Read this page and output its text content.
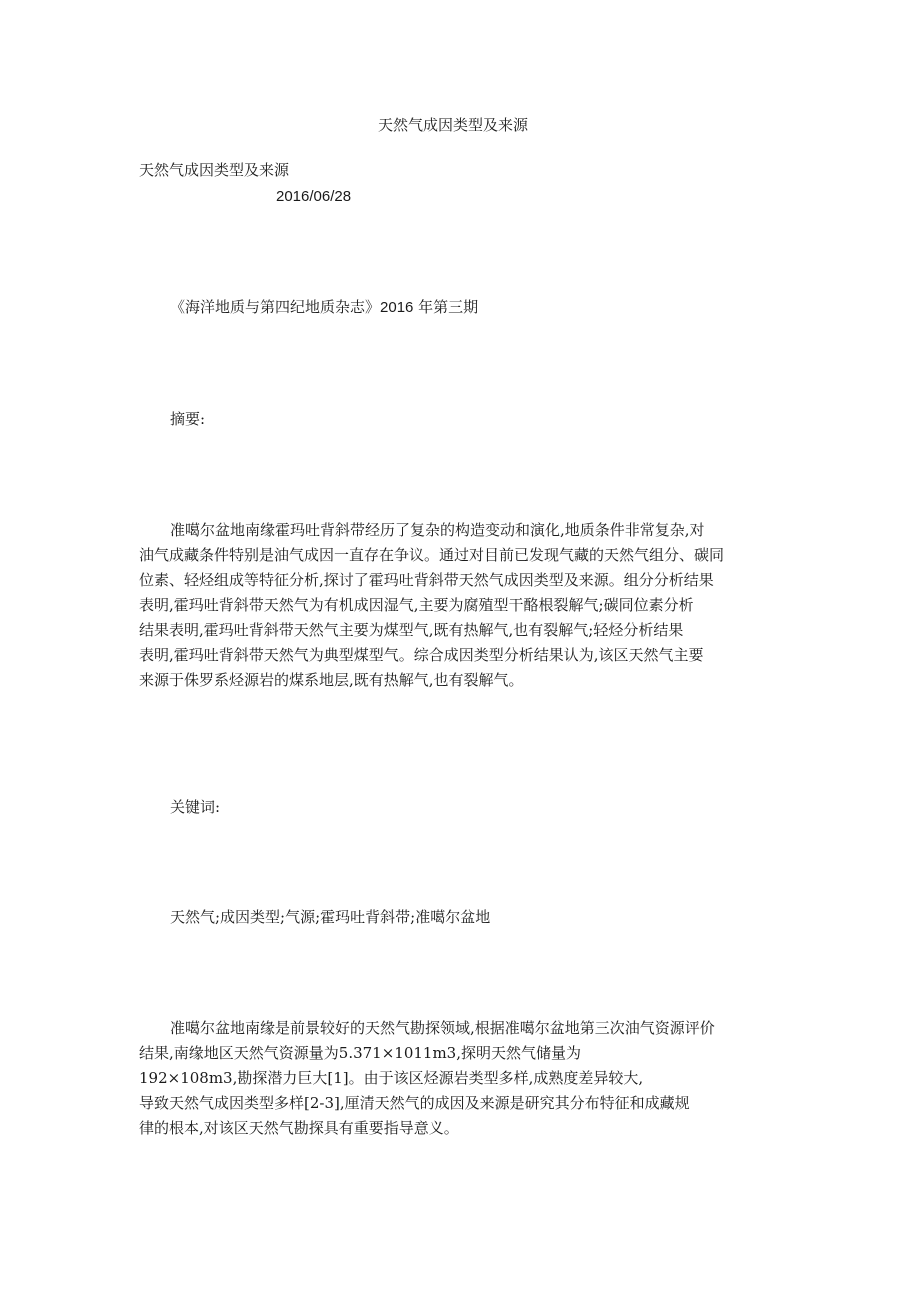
天然气成因类型及来源

天然气成因类型及来源

2016/06/28

《海洋地质与第四纪地质杂志》2016 年第三期

摘要:

准噶尔盆地南缘霍玛吐背斜带经历了复杂的构造变动和演化,地质条件非常复杂,对
油气成藏条件特别是油气成因一直存在争议。通过对目前已发现气藏的天然气组分、碳同
位素、轻烃组成等特征分析,探讨了霍玛吐背斜带天然气成因类型及来源。组分分析结果
表明,霍玛吐背斜带天然气为有机成因湿气,主要为腐殖型干酪根裂解气;碳同位素分析
结果表明,霍玛吐背斜带天然气主要为煤型气,既有热解气,也有裂解气;轻烃分析结果
表明,霍玛吐背斜带天然气为典型煤型气。综合成因类型分析结果认为,该区天然气主要
来源于侏罗系烃源岩的煤系地层,既有热解气,也有裂解气。

关键词:

天然气;成因类型;气源;霍玛吐背斜带;准噶尔盆地

准噶尔盆地南缘是前景较好的天然气勘探领域,根据准噶尔盆地第三次油气资源评价
结果,南缘地区天然气资源量为5.371×1011m3,探明天然气储量为
192×108m3,勘探潜力巨大[1]。由于该区烃源岩类型多样,成熟度差异较大,
导致天然气成因类型多样[2-3],厘清天然气的成因及来源是研究其分布特征和成藏规
律的根本,对该区天然气勘探具有重要指导意义。
